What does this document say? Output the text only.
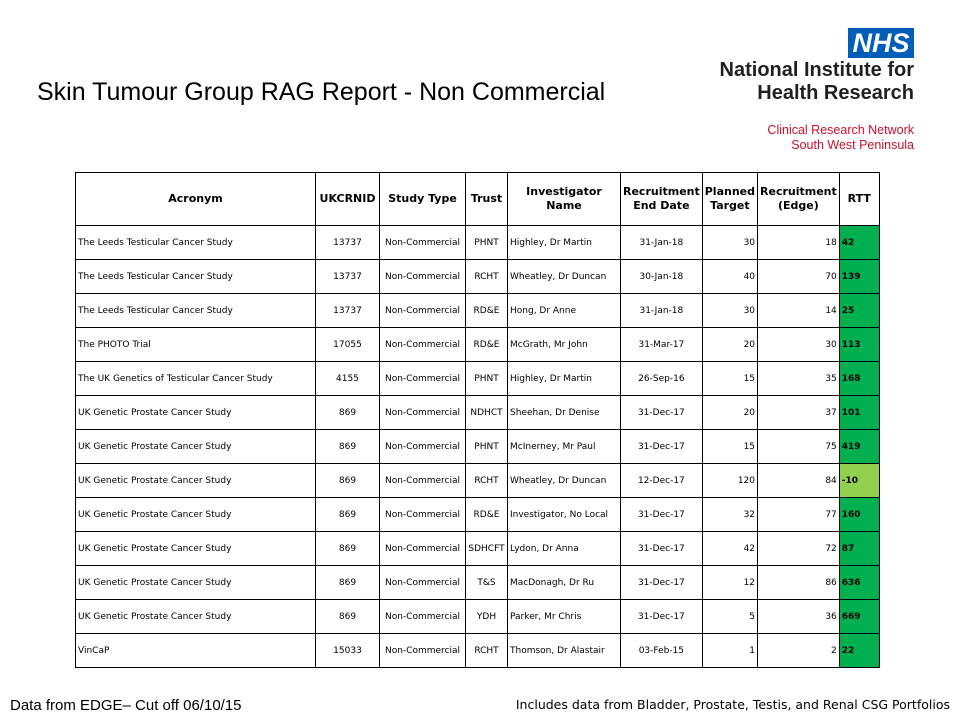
Skin Tumour Group RAG Report - Non Commercial
NHS
National Institute for
Health Research
Clinical Research Network
South West Peninsula
Acronym	UKCRNID	Study Type	Trust	Investigator Name	Recruitment End Date	Planned Target	Recruitment (Edge)	RTT
The Leeds Testicular Cancer Study	13737	Non-Commercial	PHNT	Highley, Dr Martin	31-Jan-18	30	18	42
The Leeds Testicular Cancer Study	13737	Non-Commercial	RCHT	Wheatley, Dr Duncan	30-Jan-18	40	70	139
The Leeds Testicular Cancer Study	13737	Non-Commercial	RD&E	Hong, Dr Anne	31-Jan-18	30	14	25
The PHOTO Trial	17055	Non-Commercial	RD&E	McGrath, Mr John	31-Mar-17	20	30	113
The UK Genetics of Testicular Cancer Study	4155	Non-Commercial	PHNT	Highley, Dr Martin	26-Sep-16	15	35	168
UK Genetic Prostate Cancer Study	869	Non-Commercial	NDHCT	Sheehan, Dr Denise	31-Dec-17	20	37	101
UK Genetic Prostate Cancer Study	869	Non-Commercial	PHNT	McInerney, Mr Paul	31-Dec-17	15	75	419
UK Genetic Prostate Cancer Study	869	Non-Commercial	RCHT	Wheatley, Dr Duncan	12-Dec-17	120	84	-10
UK Genetic Prostate Cancer Study	869	Non-Commercial	RD&E	Investigator, No Local	31-Dec-17	32	77	160
UK Genetic Prostate Cancer Study	869	Non-Commercial	SDHCFT	Lydon, Dr Anna	31-Dec-17	42	72	87
UK Genetic Prostate Cancer Study	869	Non-Commercial	T&S	MacDonagh, Dr Ru	31-Dec-17	12	86	636
UK Genetic Prostate Cancer Study	869	Non-Commercial	YDH	Parker, Mr Chris	31-Dec-17	5	36	669
VinCaP	15033	Non-Commercial	RCHT	Thomson, Dr Alastair	03-Feb-15	1	2	22
Data from EDGE– Cut off 06/10/15	Includes data from Bladder, Prostate, Testis, and Renal CSG Portfolios
